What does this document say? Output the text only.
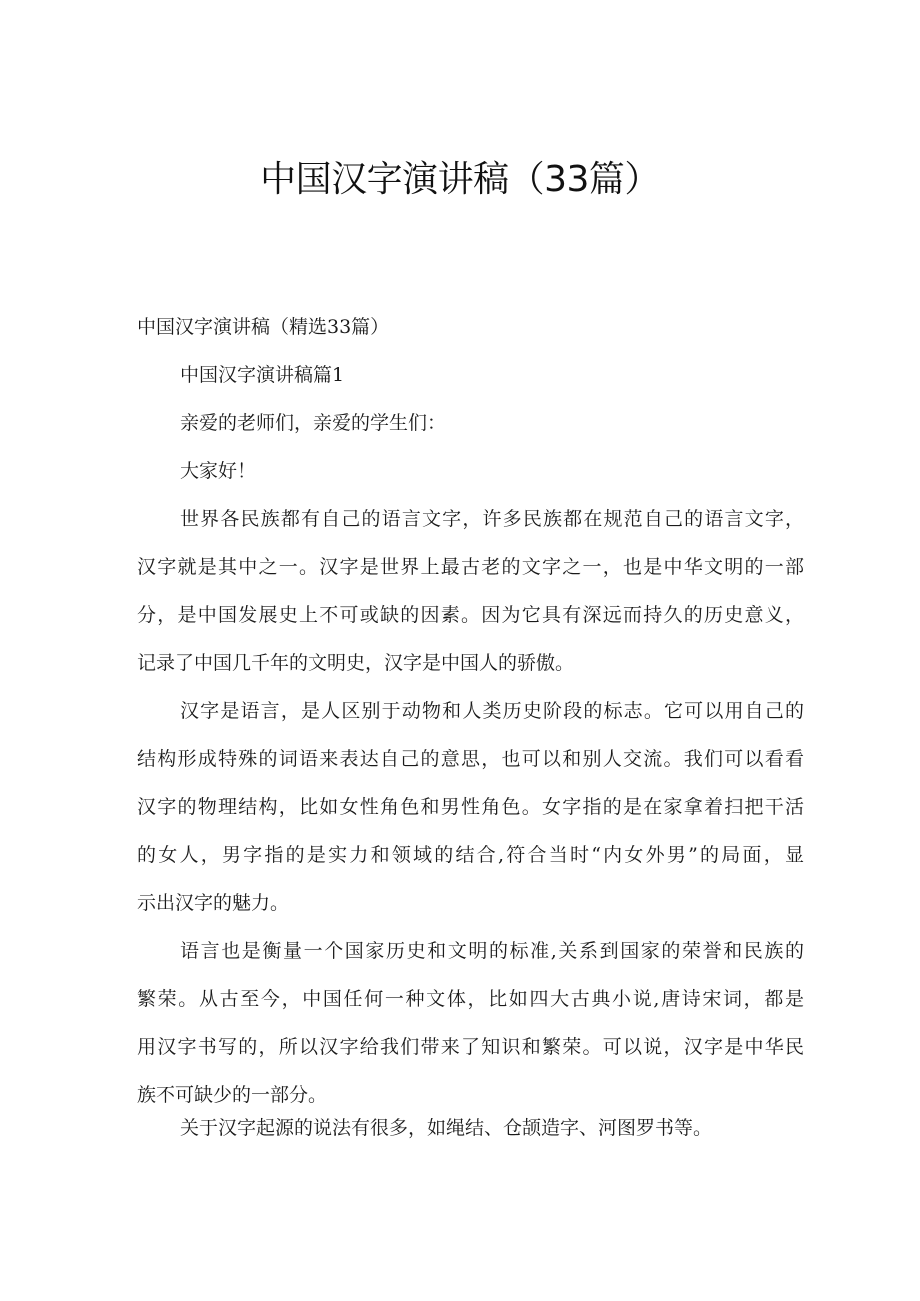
中国汉字演讲稿（33篇）
中国汉字演讲稿（精选33篇）
中国汉字演讲稿篇1
亲爱的老师们，亲爱的学生们：
大家好！
世界各民族都有自己的语言文字，许多民族都在规范自己的语言文字，
汉字就是其中之一。汉字是世界上最古老的文字之一，也是中华文明的一部
分，是中国发展史上不可或缺的因素。因为它具有深远而持久的历史意义，
记录了中国几千年的文明史，汉字是中国人的骄傲。
汉字是语言，是人区别于动物和人类历史阶段的标志。它可以用自己的
结构形成特殊的词语来表达自己的意思，也可以和别人交流。我们可以看看
汉字的物理结构，比如女性角色和男性角色。女字指的是在家拿着扫把干活
的女人，男字指的是实力和领域的结合,符合当时“内女外男”的局面，显
示出汉字的魅力。
语言也是衡量一个国家历史和文明的标准,关系到国家的荣誉和民族的
繁荣。从古至今，中国任何一种文体，比如四大古典小说,唐诗宋词，都是
用汉字书写的，所以汉字给我们带来了知识和繁荣。可以说，汉字是中华民
族不可缺少的一部分。
关于汉字起源的说法有很多，如绳结、仓颉造字、河图罗书等。
